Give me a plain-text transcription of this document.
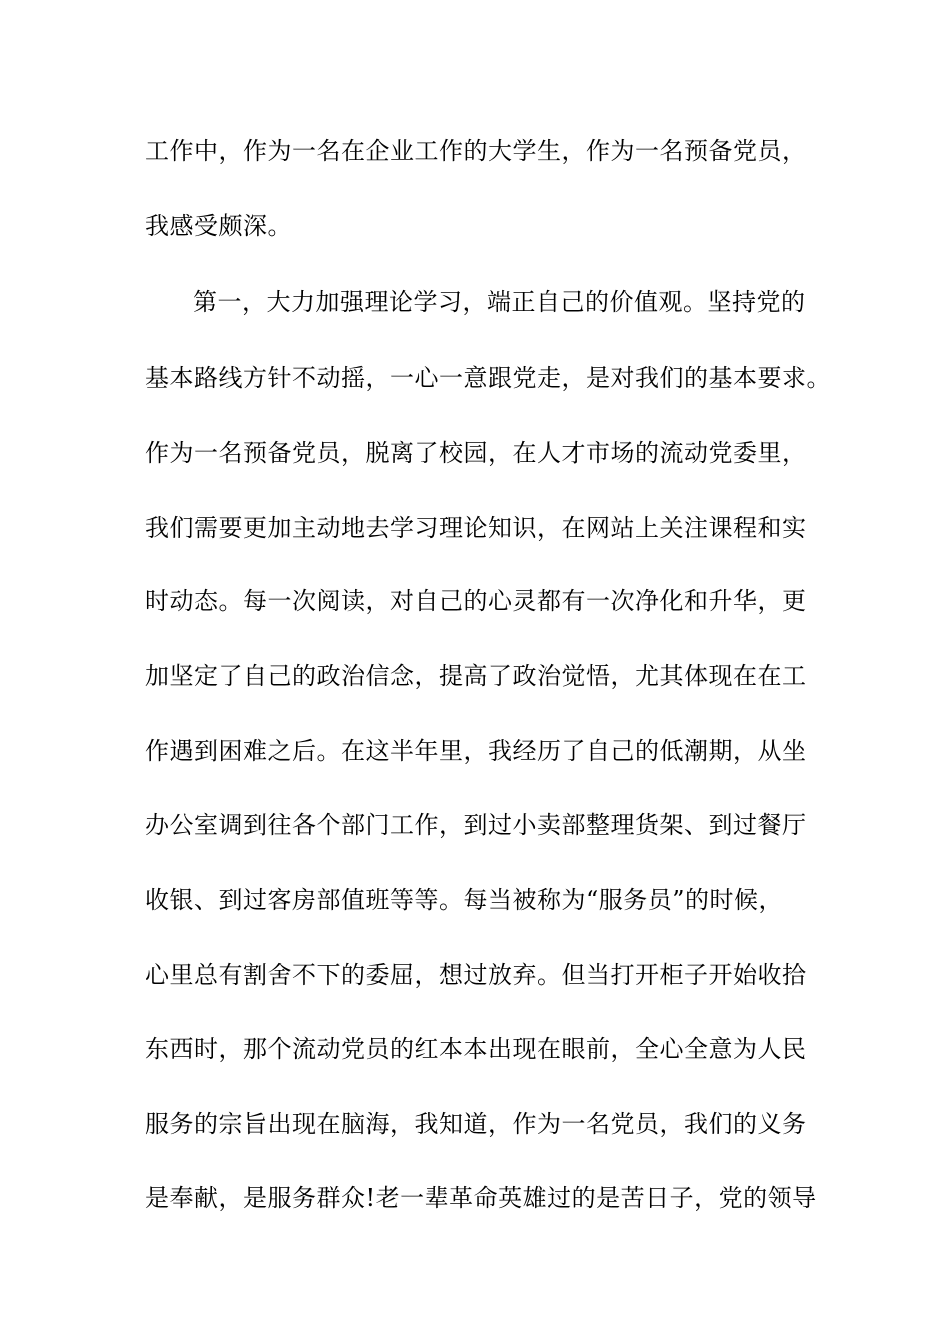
工作中，作为一名在企业工作的大学生，作为一名预备党员，
我感受颇深。
第一，大力加强理论学习，端正自己的价值观。坚持党的
基本路线方针不动摇，一心一意跟党走，是对我们的基本要求。
作为一名预备党员，脱离了校园，在人才市场的流动党委里，
我们需要更加主动地去学习理论知识，在网站上关注课程和实
时动态。每一次阅读，对自己的心灵都有一次净化和升华，更
加坚定了自己的政治信念，提高了政治觉悟，尤其体现在在工
作遇到困难之后。在这半年里，我经历了自己的低潮期，从坐
办公室调到往各个部门工作，到过小卖部整理货架、到过餐厅
收银、到过客房部值班等等。每当被称为“服务员”的时候，
心里总有割舍不下的委屈，想过放弃。但当打开柜子开始收拾
东西时，那个流动党员的红本本出现在眼前，全心全意为人民
服务的宗旨出现在脑海，我知道，作为一名党员，我们的义务
是奉献，是服务群众!老一辈革命英雄过的是苦日子，党的领导
